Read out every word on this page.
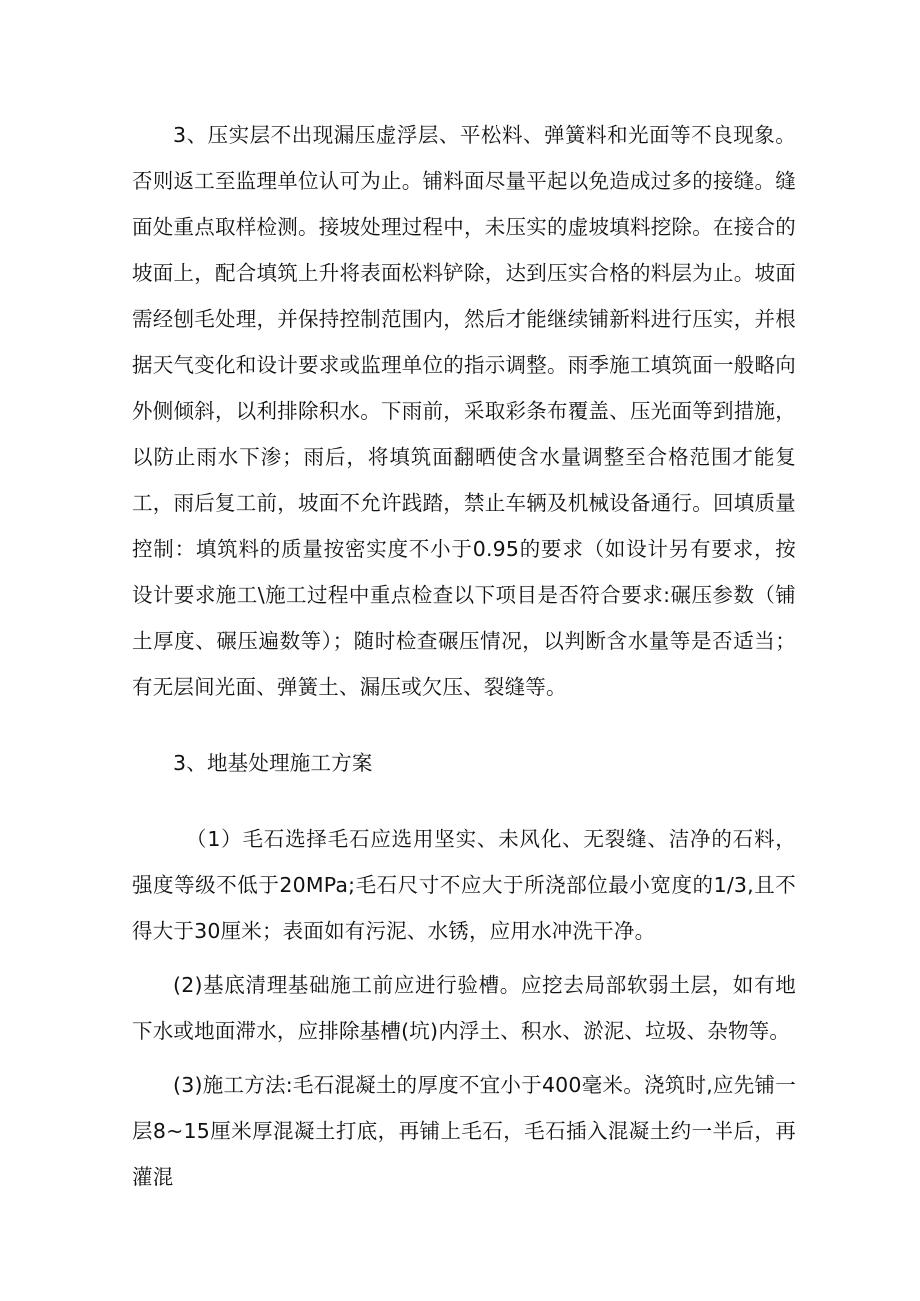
3、压实层不出现漏压虚浮层、平松料、弹簧料和光面等不良现象。否则返工至监理单位认可为止。铺料面尽量平起以免造成过多的接缝。缝面处重点取样检测。接坡处理过程中，未压实的虚坡填料挖除。在接合的坡面上，配合填筑上升将表面松料铲除，达到压实合格的料层为止。坡面需经刨毛处理，并保持控制范围内，然后才能继续铺新料进行压实，并根据天气变化和设计要求或监理单位的指示调整。雨季施工填筑面一般略向外侧倾斜，以利排除积水。下雨前，采取彩条布覆盖、压光面等到措施，以防止雨水下渗；雨后，将填筑面翻晒使含水量调整至合格范围才能复工，雨后复工前，坡面不允许践踏，禁止车辆及机械设备通行。回填质量控制：填筑料的质量按密实度不小于0.95的要求（如设计另有要求，按设计要求施工\施工过程中重点检查以下项目是否符合要求:碾压参数（铺土厚度、碾压遍数等）；随时检查碾压情况，以判断含水量等是否适当；有无层间光面、弹簧土、漏压或欠压、裂缝等。

3、地基处理施工方案

（1）毛石选择毛石应选用坚实、未风化、无裂缝、洁净的石料，强度等级不低于20MPa;毛石尺寸不应大于所浇部位最小宽度的1/3,且不得大于30厘米；表面如有污泥、水锈，应用水冲洗干净。

(2)基底清理基础施工前应进行验槽。应挖去局部软弱土层，如有地下水或地面滞水，应排除基槽(坑)内浮土、积水、淤泥、垃圾、杂物等。

(3)施工方法:毛石混凝土的厚度不宜小于400毫米。浇筑时,应先铺一层8~15厘米厚混凝土打底，再铺上毛石，毛石插入混凝土约一半后，再灌混
